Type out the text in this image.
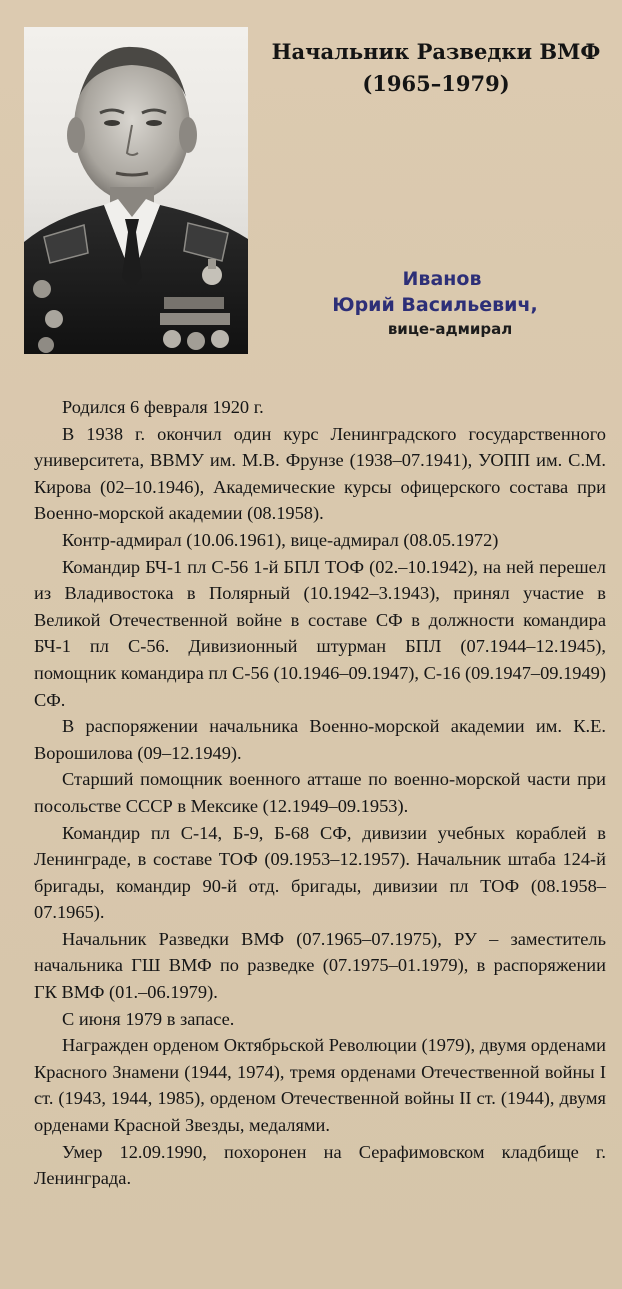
Начальник Разведки ВМФ
(1965–1979)
Иванов
Юрий Васильевич,
вице-адмирал

Родился 6 февраля 1920 г.

В 1938 г. окончил один курс Ленинградского государственного университета, ВВМУ им. М.В. Фрунзе (1938–07.1941), УОПП им. С.М. Кирова (02–10.1946), Академические курсы офицерского состава при Военно-морской академии (08.1958).

Контр-адмирал (10.06.1961), вице-адмирал (08.05.1972)

Командир БЧ-1 пл С-56 1-й БПЛ ТОФ (02.–10.1942), на ней перешел из Владивостока в Полярный (10.1942–3.1943), принял участие в Великой Отечественной войне в составе СФ в должности командира БЧ-1 пл С-56. Дивизионный штурман БПЛ (07.1944–12.1945), помощник командира пл С-56 (10.1946–09.1947), С-16 (09.1947–09.1949) СФ.

В распоряжении начальника Военно-морской академии им. К.Е. Ворошилова (09–12.1949).

Старший помощник военного атташе по военно-морской части при посольстве СССР в Мексике (12.1949–09.1953).

Командир пл С-14, Б-9, Б-68 СФ, дивизии учебных кораблей в Ленинграде, в составе ТОФ (09.1953–12.1957). Начальник штаба 124-й бригады, командир 90-й отд. бригады, дивизии пл ТОФ (08.1958–07.1965).

Начальник Разведки ВМФ (07.1965–07.1975), РУ – заместитель начальника ГШ ВМФ по разведке (07.1975–01.1979), в распоряжении ГК ВМФ (01.–06.1979).

С июня 1979 в запасе.

Награжден орденом Октябрьской Революции (1979), двумя орденами Красного Знамени (1944, 1974), тремя орденами Отечественной войны I ст. (1943, 1944, 1985), орденом Отечественной войны II ст. (1944), двумя орденами Красной Звезды, медалями.

Умер 12.09.1990, похоронен на Серафимовском кладбище г. Ленинграда.
